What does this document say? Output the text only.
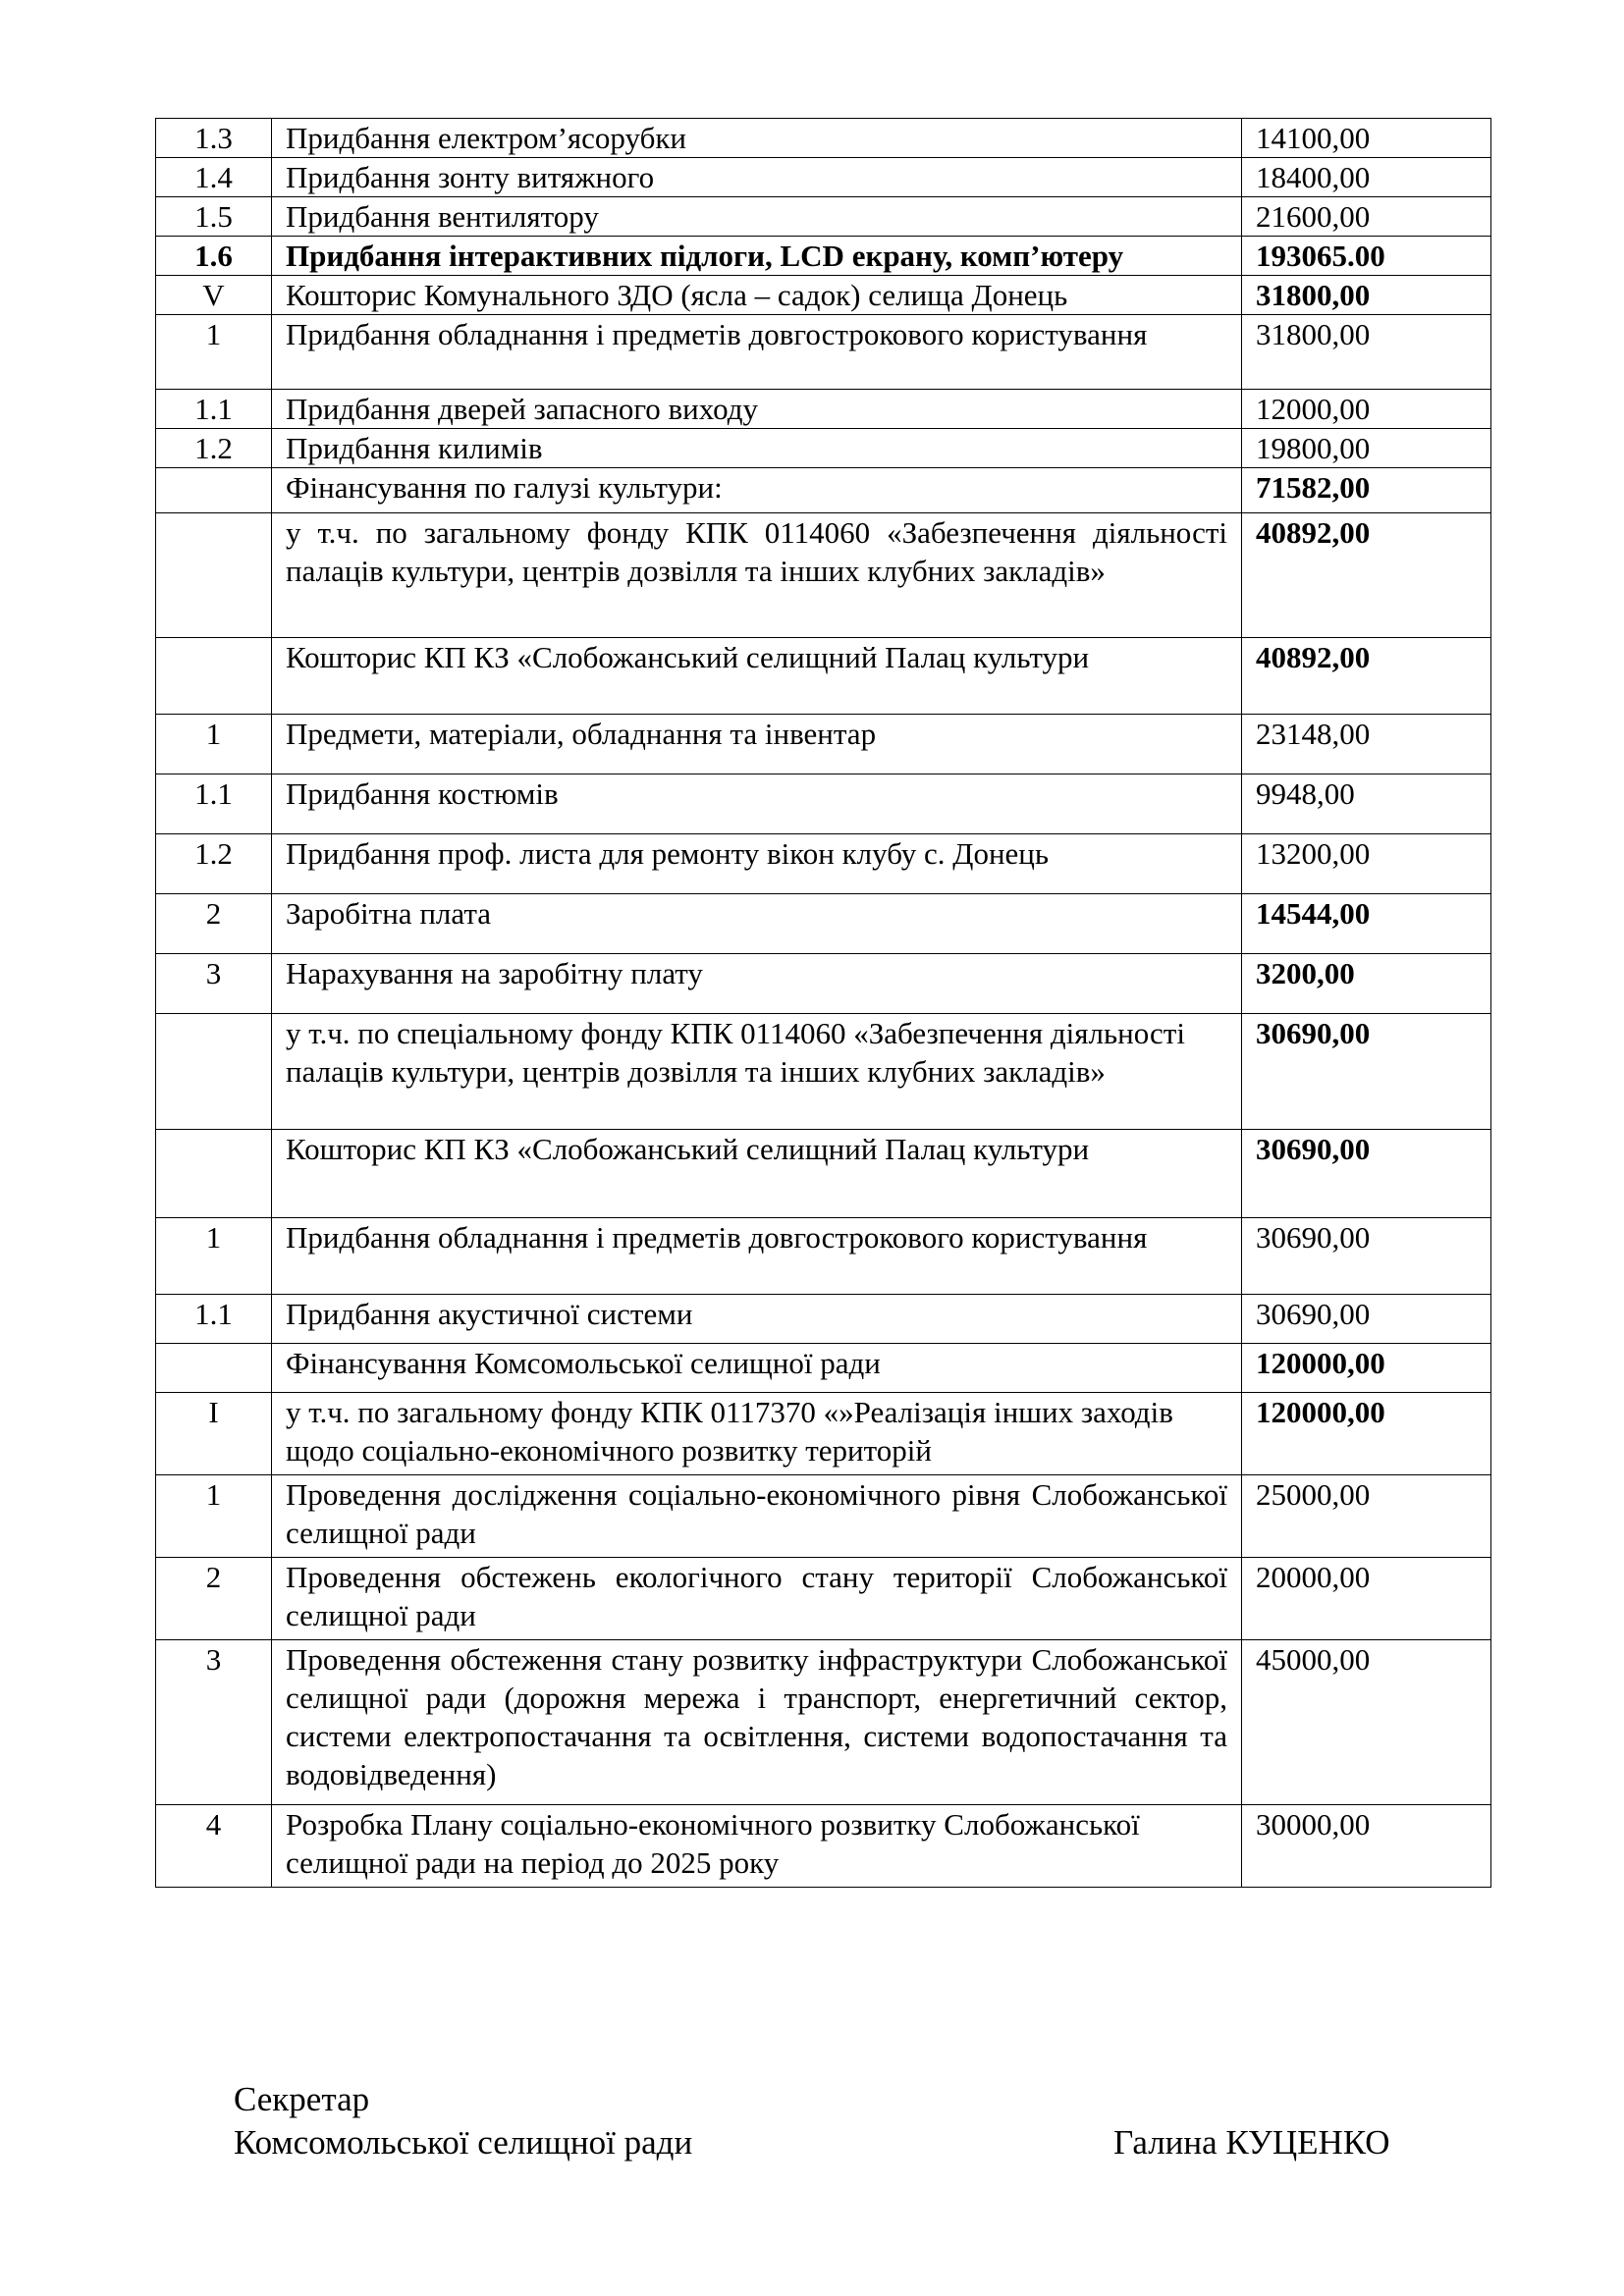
1.3	Придбання електром’ясорубки	14100,00
1.4	Придбання зонту витяжного	18400,00
1.5	Придбання вентилятору	21600,00
1.6	Придбання інтерактивних підлоги, LCD екрану, комп’ютеру	193065.00
V	Кошторис Комунального ЗДО (ясла – садок) селища Донець	31800,00
1	Придбання обладнання і предметів довгострокового користування	31800,00
1.1	Придбання дверей запасного виходу	12000,00
1.2	Придбання килимів	19800,00
	Фінансування по галузі культури:	71582,00
	у т.ч. по загальному фонду КПК 0114060 «Забезпечення діяльності палаців культури, центрів дозвілля та інших клубних закладів»	40892,00
	Кошторис КП КЗ «Слобожанський селищний Палац культури	40892,00
1	Предмети, матеріали, обладнання та інвентар	23148,00
1.1	Придбання костюмів	9948,00
1.2	Придбання проф. листа для ремонту вікон клубу с. Донець	13200,00
2	Заробітна плата	14544,00
3	Нарахування на заробітну плату	3200,00
	у т.ч. по спеціальному фонду КПК 0114060 «Забезпечення діяльності палаців культури, центрів дозвілля та інших клубних закладів»	30690,00
	Кошторис КП КЗ «Слобожанський селищний Палац культури	30690,00
1	Придбання обладнання і предметів довгострокового користування	30690,00
1.1	Придбання акустичної системи	30690,00
	Фінансування Комсомольської селищної ради	120000,00
I	у т.ч. по загальному фонду КПК 0117370 «»Реалізація інших заходів щодо соціально-економічного розвитку територій	120000,00
1	Проведення дослідження соціально-економічного рівня Слобожанської селищної ради	25000,00
2	Проведення обстежень екологічного стану території Слобожанської селищної ради	20000,00
3	Проведення обстеження стану розвитку інфраструктури Слобожанської селищної ради (дорожня мережа і транспорт, енергетичний сектор, системи електропостачання та освітлення, системи водопостачання та водовідведення)	45000,00
4	Розробка Плану соціально-економічного розвитку Слобожанської селищної ради на період до 2025 року	30000,00
Секретар
Комсомольської селищної ради	Галина КУЦЕНКО
